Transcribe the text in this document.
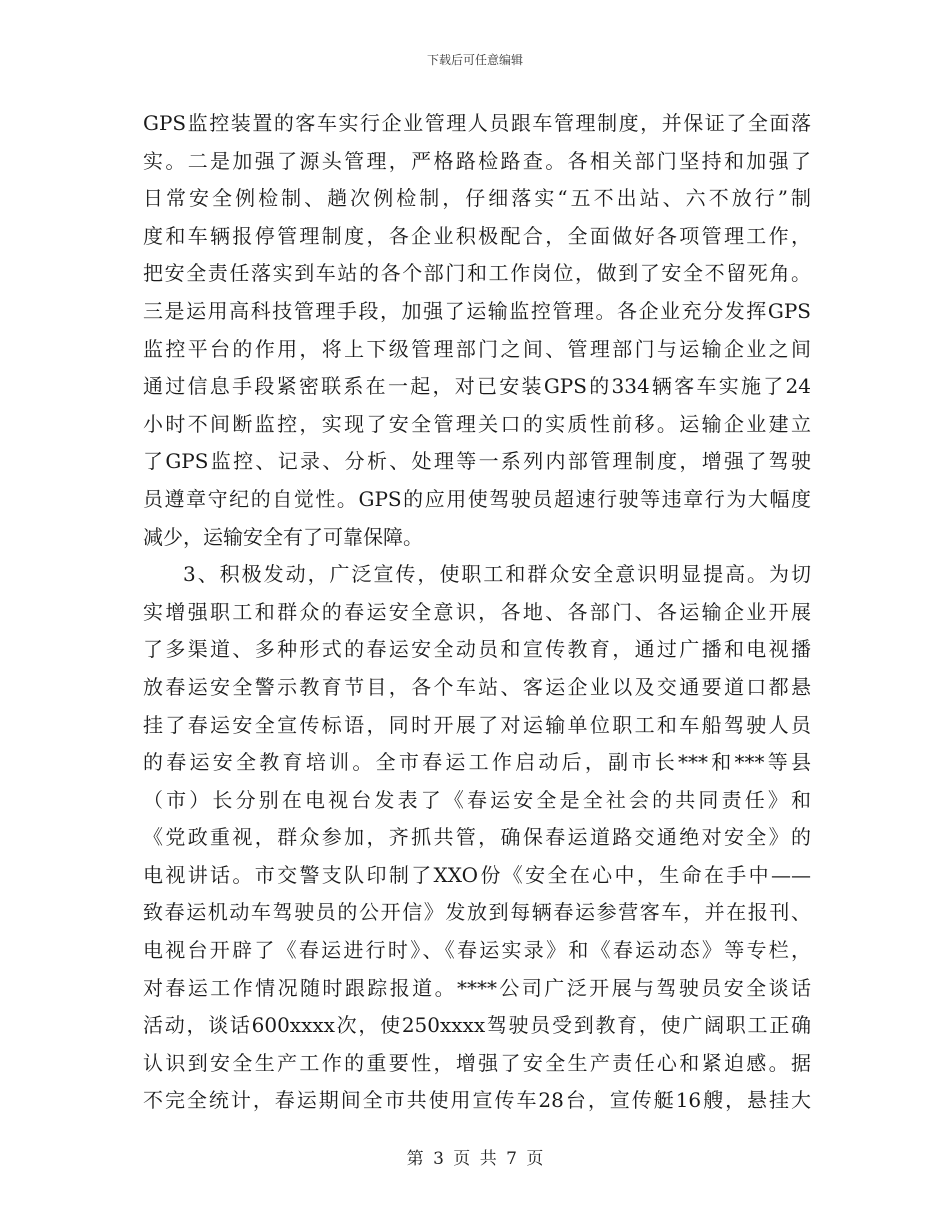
下载后可任意编辑
GPS监控装置的客车实行企业管理人员跟车管理制度，并保证了全面落
实。二是加强了源头管理，严格路检路查。各相关部门坚持和加强了
日常安全例检制、趟次例检制，仔细落实“五不出站、六不放行”制
度和车辆报停管理制度，各企业积极配合，全面做好各项管理工作，
把安全责任落实到车站的各个部门和工作岗位，做到了安全不留死角。
三是运用高科技管理手段，加强了运输监控管理。各企业充分发挥GPS
监控平台的作用，将上下级管理部门之间、管理部门与运输企业之间
通过信息手段紧密联系在一起，对已安装GPS的334辆客车实施了24
小时不间断监控，实现了安全管理关口的实质性前移。运输企业建立
了GPS监控、记录、分析、处理等一系列内部管理制度，增强了驾驶
员遵章守纪的自觉性。GPS的应用使驾驶员超速行驶等违章行为大幅度
减少，运输安全有了可靠保障。
3、积极发动，广泛宣传，使职工和群众安全意识明显提高。为切
实增强职工和群众的春运安全意识，各地、各部门、各运输企业开展
了多渠道、多种形式的春运安全动员和宣传教育，通过广播和电视播
放春运安全警示教育节目，各个车站、客运企业以及交通要道口都悬
挂了春运安全宣传标语，同时开展了对运输单位职工和车船驾驶人员
的春运安全教育培训。全市春运工作启动后，副市长***和***等县
（市）长分别在电视台发表了《春运安全是全社会的共同责任》和
《党政重视，群众参加，齐抓共管，确保春运道路交通绝对安全》的
电视讲话。市交警支队印制了XXO份《安全在心中，生命在手中——
致春运机动车驾驶员的公开信》发放到每辆春运参营客车，并在报刊、
电视台开辟了《春运进行时》、《春运实录》和《春运动态》等专栏，
对春运工作情况随时跟踪报道。****公司广泛开展与驾驶员安全谈话
活动，谈话600xxxx次，使250xxxx驾驶员受到教育，使广阔职工正确
认识到安全生产工作的重要性，增强了安全生产责任心和紧迫感。据
不完全统计，春运期间全市共使用宣传车28台，宣传艇16艘，悬挂大
第 3 页 共 7 页
